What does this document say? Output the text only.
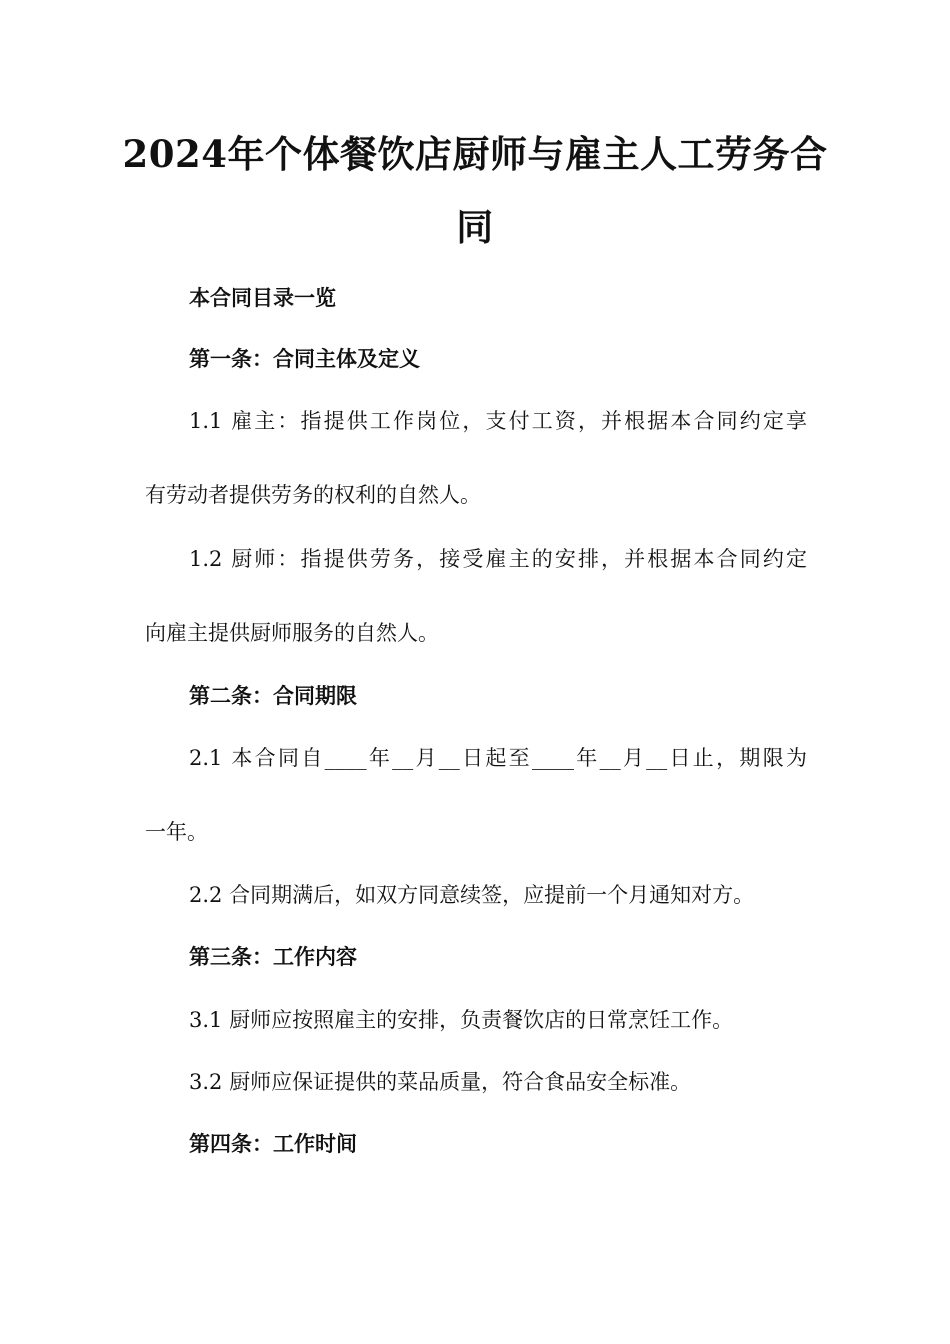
2024年个体餐饮店厨师与雇主人工劳务合
同
本合同目录一览
第一条：合同主体及定义
1.1 雇主：指提供工作岗位，支付工资，并根据本合同约定享
有劳动者提供劳务的权利的自然人。
1.2 厨师：指提供劳务，接受雇主的安排，并根据本合同约定
向雇主提供厨师服务的自然人。
第二条：合同期限
2.1 本合同自____年__月__日起至____年__月__日止，期限为
一年。
2.2 合同期满后，如双方同意续签，应提前一个月通知对方。
第三条：工作内容
3.1 厨师应按照雇主的安排，负责餐饮店的日常烹饪工作。
3.2 厨师应保证提供的菜品质量，符合食品安全标准。
第四条：工作时间
